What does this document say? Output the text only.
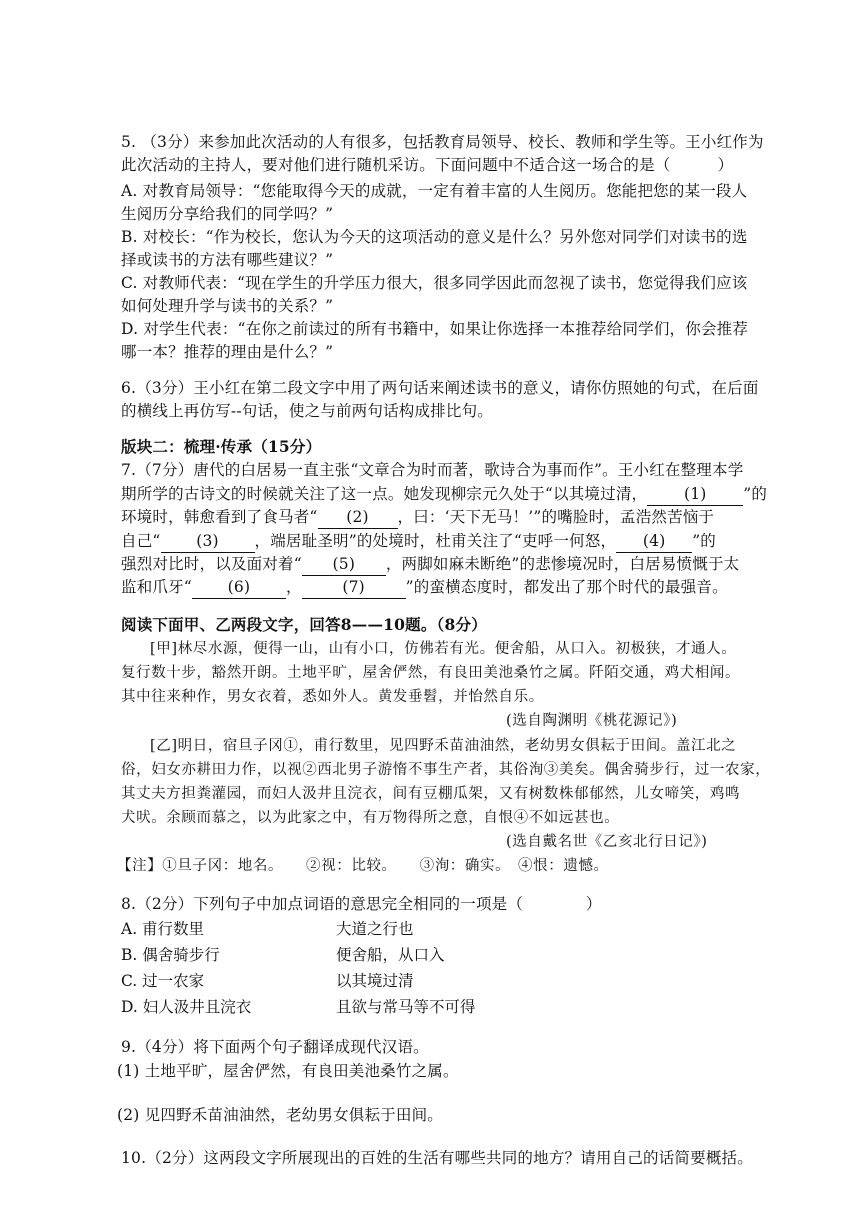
5. （3分）来参加此次活动的人有很多，包括教育局领导、校长、教师和学生等。王小红作为
此次活动的主持人，要对他们进行随机采访。下面问题中不适合这一场合的是（　　　）
A. 对教育局领导：“您能取得今天的成就，一定有着丰富的人生阅历。您能把您的某一段人
生阅历分享给我们的同学吗？”
B. 对校长：“作为校长，您认为今天的这项活动的意义是什么？另外您对同学们对读书的选
择或读书的方法有哪些建议？”
C. 对教师代表：“现在学生的升学压力很大，很多同学因此而忽视了读书，您觉得我们应该
如何处理升学与读书的关系？”
D. 对学生代表：“在你之前读过的所有书籍中，如果让你选择一本推荐给同学们，你会推荐
哪一本？推荐的理由是什么？”
6.（3分）王小红在第二段文字中用了两句话来阐述读书的意义，请你仿照她的句式，在后面
的横线上再仿写--句话，使之与前两句话构成排比句。
版块二：梳理·传承（15分）
7.（7分）唐代的白居易一直主张“文章合为时而著，歌诗合为事而作”。王小红在整理本学
期所学的古诗文的时候就关注了这一点。她发现柳宗元久处于“以其境过清， (1) ”的
环境时，韩愈看到了食马者“ (2) ，曰：‘天下无马！’”的嘴脸时，孟浩然苦恼于
自己“ (3) ，端居耻圣明”的处境时，杜甫关注了“吏呼一何怒， (4) ”的
强烈对比时，以及面对着“ (5) ，两脚如麻未断绝”的悲惨境况时，白居易愤慨于太
监和爪牙“ (6) ，	(7)	”的蛮横态度时，都发出了那个时代的最强音。
阅读下面甲、乙两段文字，回答8——10题。（8分）
[甲]林尽水源，便得一山，山有小口，仿佛若有光。便舍船，从口入。初极狭，才通人。
复行数十步，豁然开朗。土地平旷，屋舍俨然，有良田美池桑竹之属。阡陌交通，鸡犬相闻。
其中往来种作，男女衣着，悉如外人。黄发垂髫，并怡然自乐。
(选自陶渊明《桃花源记》)
[乙]明日，宿旦子冈①，甫行数里，见四野禾苗油油然，老幼男女俱耘于田间。盖江北之
俗，妇女亦耕田力作，以视②西北男子游惰不事生产者，其俗洵③美矣。偶舍骑步行，过一农家，
其丈夫方担粪灌园，而妇人汲井且浣衣，间有豆棚瓜架，又有树数株郁郁然，儿女啼笑，鸡鸣
犬吠。余顾而慕之，以为此家之中，有万物得所之意，自恨④不如远甚也。
(选自戴名世《乙亥北行日记》)
【注】①旦子冈：地名。　　②视：比较。　　③洵：确实。　④恨：遗憾。
8.（2分）下列句子中加点词语的意思完全相同的一项是（　　　　）
A. 甫行数里	大道之行也
B. 偶舍骑步行	便舍船，从口入
C. 过一农家	以其境过清
D. 妇人汲井且浣衣	且欲与常马等不可得
9.（4分）将下面两个句子翻译成现代汉语。
(1) 土地平旷，屋舍俨然，有良田美池桑竹之属。
(2) 见四野禾苗油油然，老幼男女俱耘于田间。
10.（2分）这两段文字所展现出的百姓的生活有哪些共同的地方？请用自己的话简要概括。
